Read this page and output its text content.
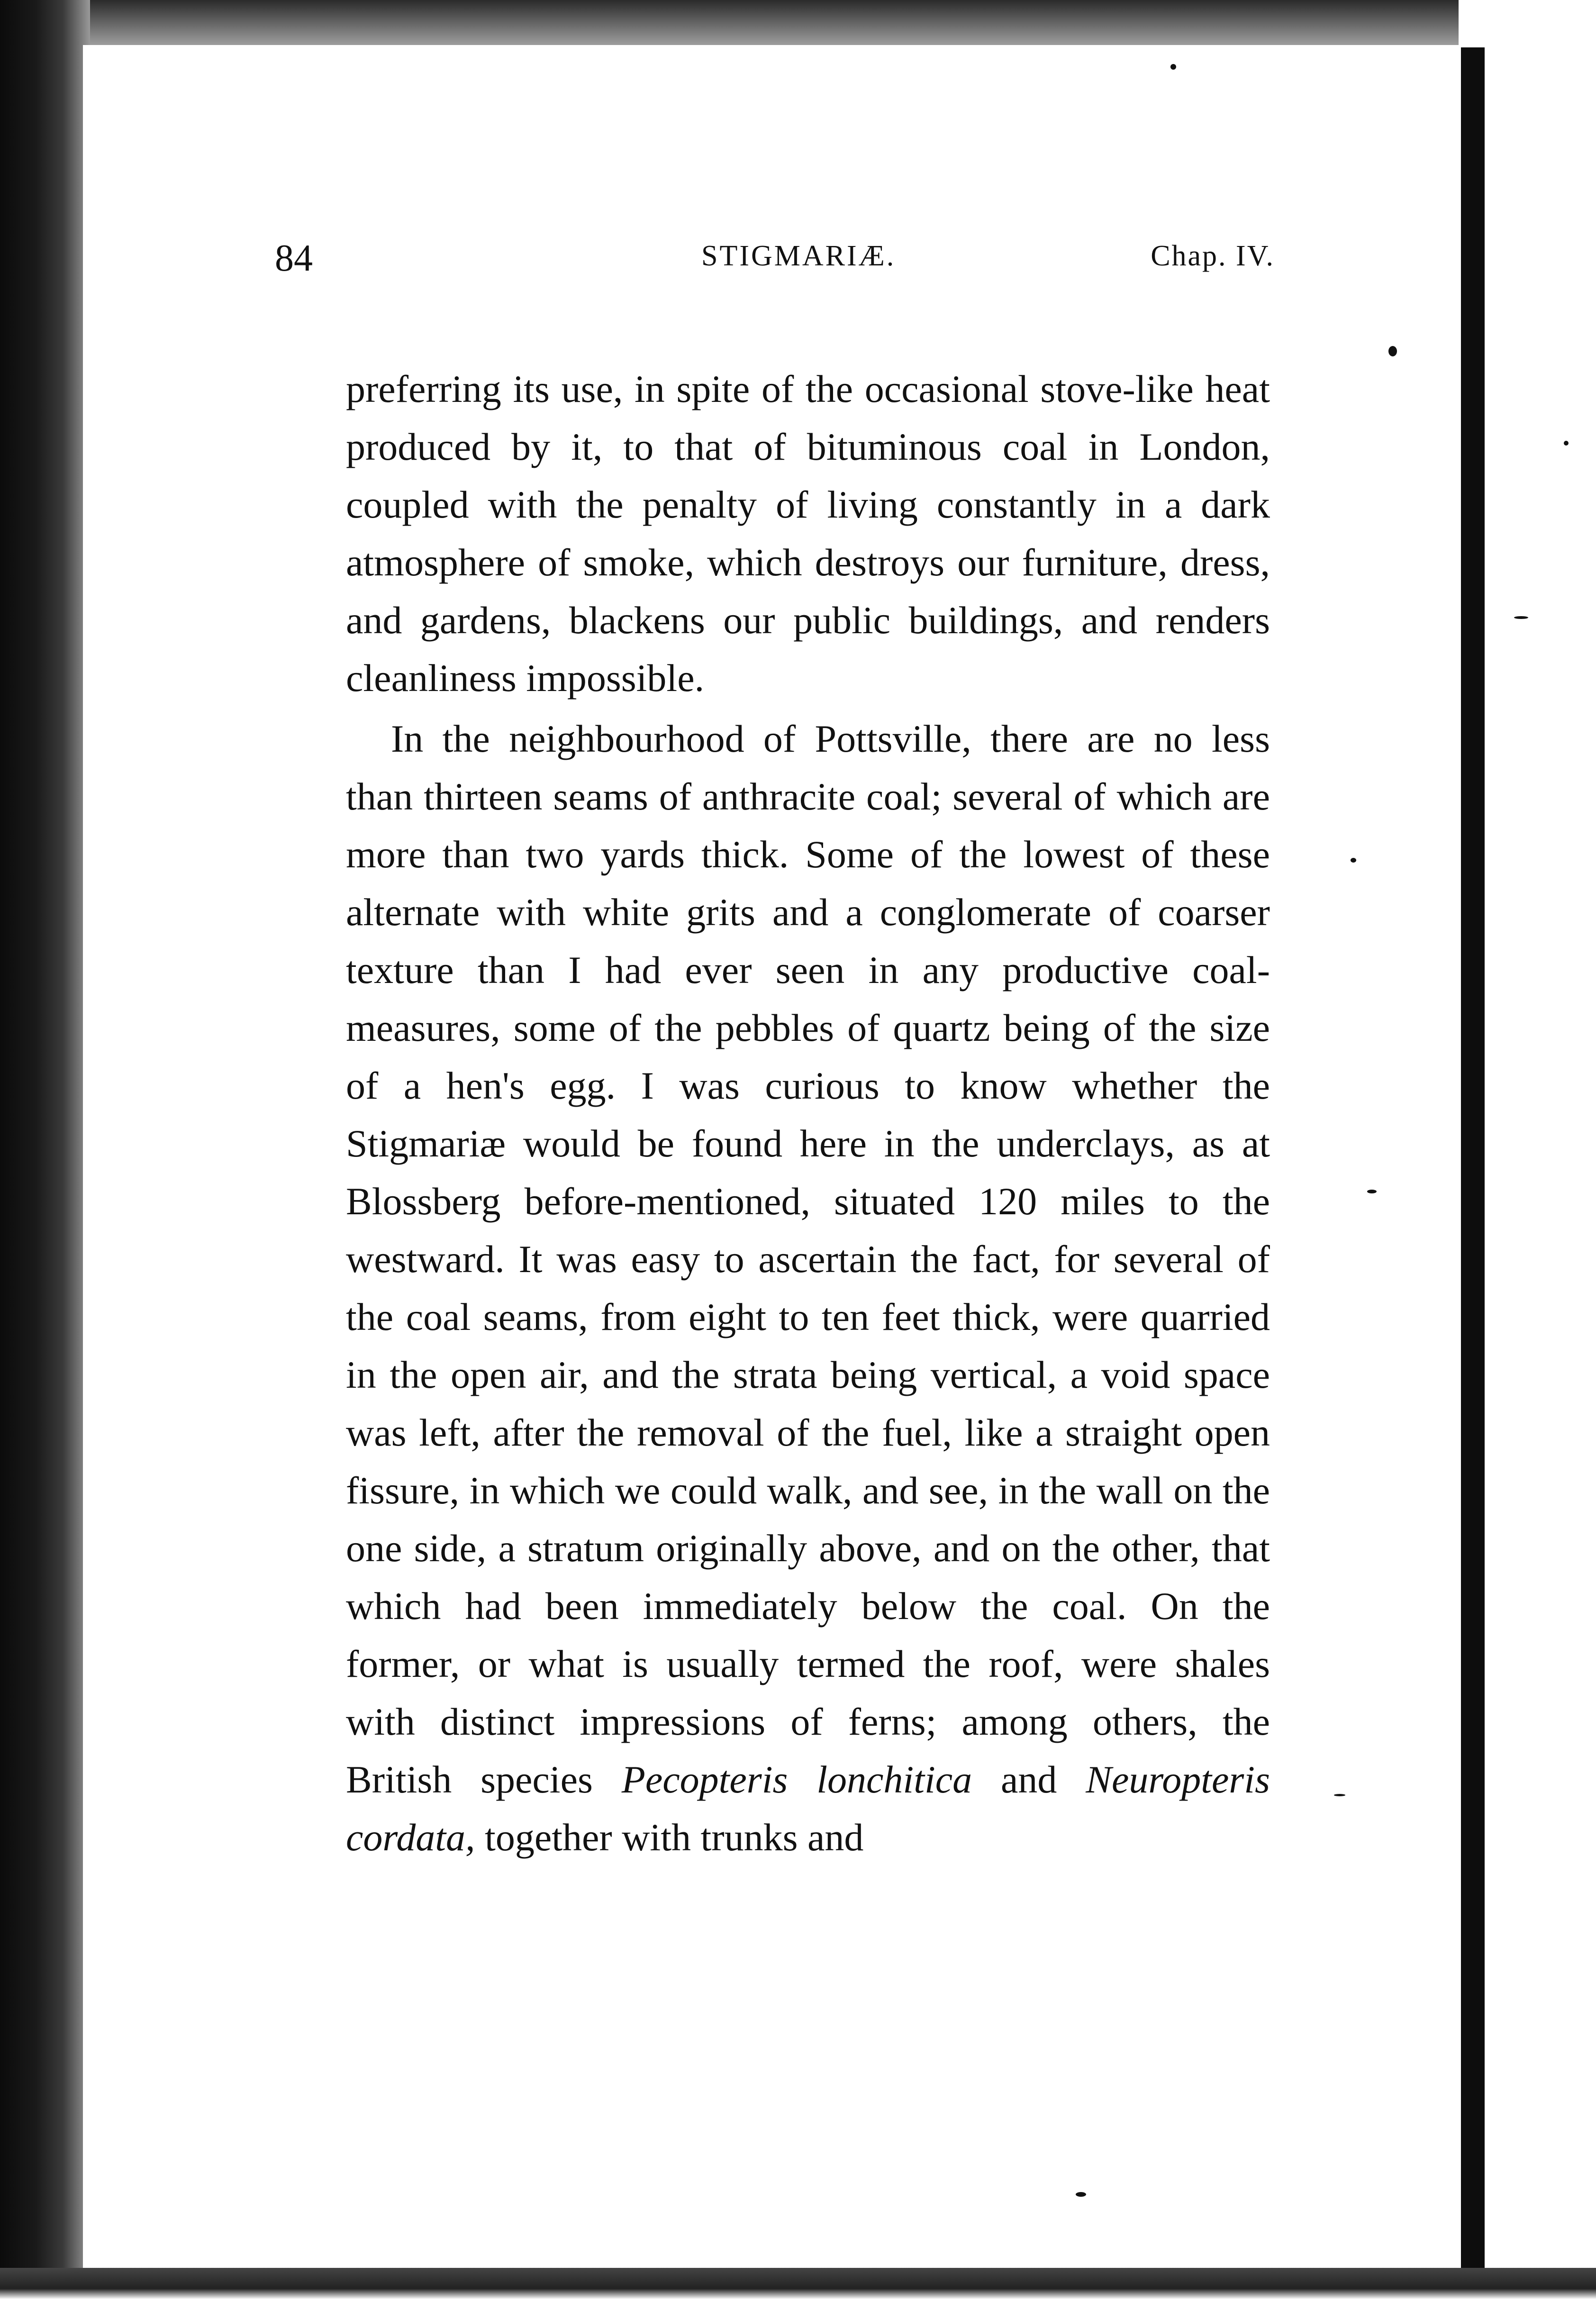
84	STIGMARIÆ.	Chap. IV.

preferring its use, in spite of the occasional stove-like heat produced by it, to that of bituminous coal in London, coupled with the penalty of living constantly in a dark atmosphere of smoke, which destroys our furniture, dress, and gardens, blackens our public buildings, and renders cleanliness impossible.

In the neighbourhood of Pottsville, there are no less than thirteen seams of anthracite coal; several of which are more than two yards thick. Some of the lowest of these alternate with white grits and a conglomerate of coarser texture than I had ever seen in any productive coal-measures, some of the pebbles of quartz being of the size of a hen's egg. I was curious to know whether the Stigmariæ would be found here in the underclays, as at Blossberg before-mentioned, situated 120 miles to the westward. It was easy to ascertain the fact, for several of the coal seams, from eight to ten feet thick, were quarried in the open air, and the strata being vertical, a void space was left, after the removal of the fuel, like a straight open fissure, in which we could walk, and see, in the wall on the one side, a stratum originally above, and on the other, that which had been immediately below the coal. On the former, or what is usually termed the roof, were shales with distinct impressions of ferns; among others, the British species Pecopteris lonchitica and Neuropteris cordata, together with trunks and
